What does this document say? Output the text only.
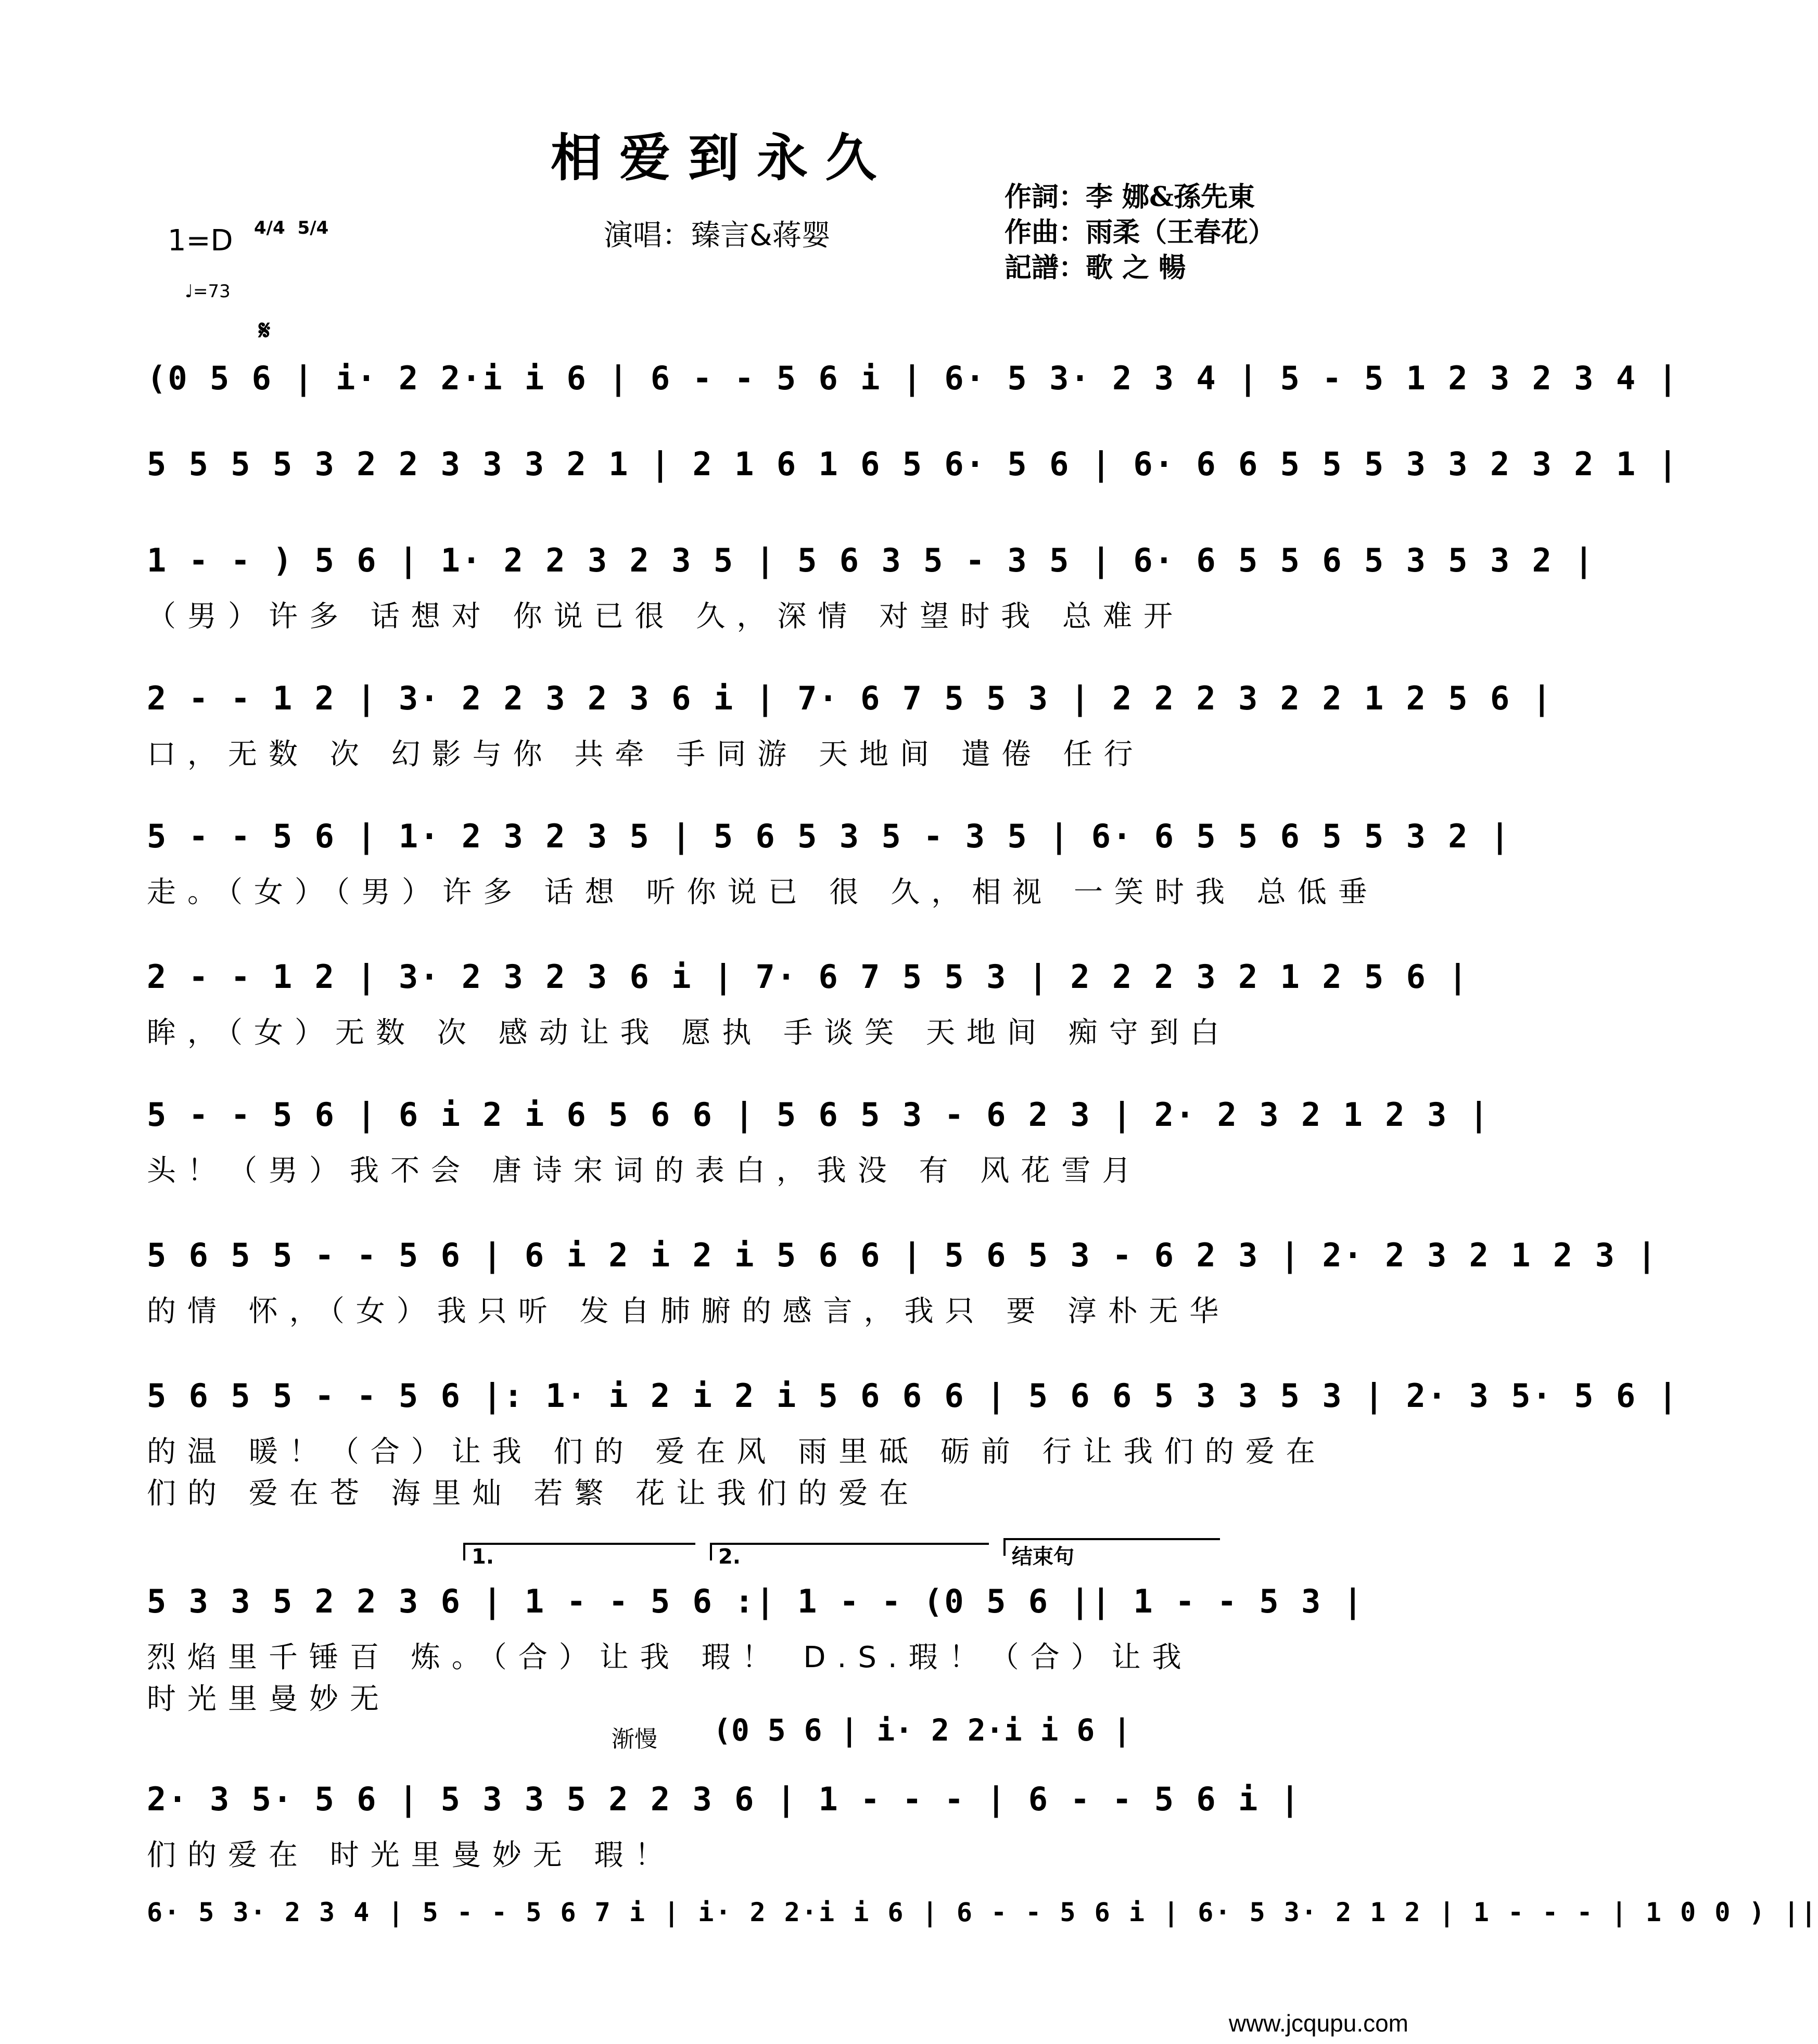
相爱到永久
演唱：臻言&蒋婴
作詞：李 娜&孫先東
作曲：雨柔（王春花）
記譜：歌 之 暢
1=D 4/4 5/4
♩=73
𝄋
(0 5 6 | i· 2 2·i i 6 | 6 - - 5 6 i | 6· 5 3· 2 3 4 | 5 - 5 1 2 3 2 3 4 |
5 5 5 5 3 2 2 3 3 3 2 1 | 2 1 6 1 6 5 6· 5 6 | 6· 6 6 5 5 5 3 3 2 3 2 1 |
1 - - ) 5 6 | 1· 2 2 3 2 3 5 | 5 6 3 5 - 3 5 | 6· 6 5 5 6 5 3 5 3 2 |
（男）许多 话想对 你说已很 久，深情 对望时我 总难开
2 - - 1 2 | 3· 2 2 3 2 3 6 i | 7· 6 7 5 5 3 | 2 2 2 3 2 2 1 2 5 6 |
口，无数 次 幻影与你 共牵 手同游 天地间 遣倦 任行
5 - - 5 6 | 1· 2 3 2 3 5 | 5 6 5 3 5 - 3 5 | 6· 6 5 5 6 5 5 3 2 |
走。（女）（男）许多 话想 听你说已 很 久，相视 一笑时我 总低垂
2 - - 1 2 | 3· 2 3 2 3 6 i | 7· 6 7 5 5 3 | 2 2 2 3 2 1 2 5 6 |
眸，（女）无数 次 感动让我 愿执 手谈笑 天地间 痴守到白
5 - - 5 6 | 6 i 2 i 6 5 6 6 | 5 6 5 3 - 6 2 3 | 2· 2 3 2 1 2 3 |
头！（男）我不会 唐诗宋词的表白，我没 有 风花雪月
5 6 5 5 - - 5 6 | 6 i 2 i 2 i 5 6 6 | 5 6 5 3 - 6 2 3 | 2· 2 3 2 1 2 3 |
的情 怀，（女）我只听 发自肺腑的感言，我只 要 淳朴无华
5 6 5 5 - - 5 6 |: 1· i 2 i 2 i 5 6 6 6 | 5 6 6 5 3 3 5 3 | 2· 3 5· 5 6 |
的温 暖！（合）让我 们的 爱在风 雨里砥 砺前 行让我们的爱在
们的 爱在苍 海里灿 若繁 花让我们的爱在
1.	2.	结束句
5 3 3 5 2 2 3 6 | 1 - - 5 6 :| 1 - - (0 5 6 || 1 - - 5 3 |
烈焰里千锤百 炼。（合）让我 瑕！ D.S.瑕！（合）让我
时光里曼妙无
渐慢 (0 5 6 | i· 2 2·i i 6 |
2· 3 5· 5 6 | 5 3 3 5 2 2 3 6 | 1 - - - | 6 - - 5 6 i |
们的爱在 时光里曼妙无 瑕！
6· 5 3· 2 3 4 | 5 - - 5 6 7 i | i· 2 2·i i 6 | 6 - - 5 6 i | 6· 5 3· 2 1 2 | 1 - - - | 1 0 0 ) ||
www.jcqupu.com
